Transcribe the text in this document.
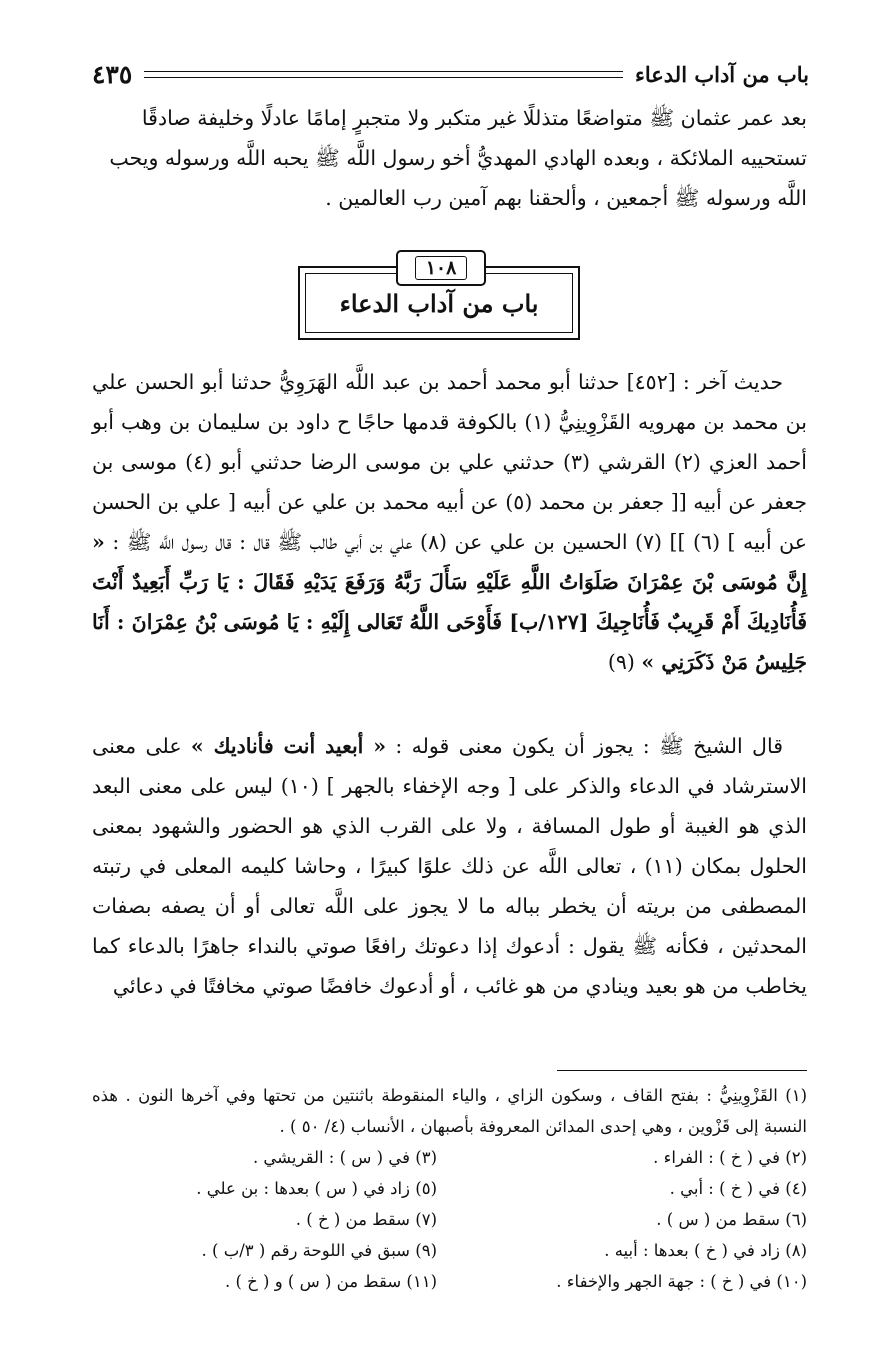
باب من آداب الدعاء
٤٣٥

بعد عمر عثمان ﷺ متواضعًا متذللًا غير متكبر ولا متجبرٍ إمامًا عادلًا وخليفة صادقًا

تستحييه الملائكة ، وبعده الهادي المهديُّ أخو رسول اللَّه ﷺ يحبه اللَّه ورسوله ويحب

اللَّه ورسوله ﷺ أجمعين ، وألحقنا بهم آمين رب العالمين .

باب من آداب الدعاء
١٠٨

حديث آخر : [٤٥٢] حدثنا أبو محمد أحمد بن عبد اللَّه الهَرَوِيُّ حدثنا أبو الحسن علي بن محمد بن مهرويه القَزْوِينِيُّ (١) بالكوفة قدمها حاجًا ح داود بن سليمان بن وهب أبو أحمد العزي (٢) القرشي (٣) حدثني علي بن موسى الرضا حدثني أبو (٤) موسى بن جعفر عن أبيه [[ جعفر بن محمد (٥) عن أبيه محمد بن علي عن أبيه [ علي بن الحسن عن أبيه ] (٦) ]] (٧) الحسين بن علي عن (٨) علي بن أبي طالب ﷺ قال : قال رسول اللَّه ﷺ : « إِنَّ مُوسَى بْنَ عِمْرَانَ صَلَوَاتُ اللَّهِ عَلَيْهِ سَأَلَ رَبَّهُ وَرَفَعَ يَدَيْهِ فَقَالَ : يَا رَبِّ أَبَعِيدٌ أَنْتَ فَأُنَادِيكَ أَمْ قَرِيبٌ فَأُنَاجِيكَ [١٢٧/ب] فَأَوْحَى اللَّهُ تَعَالى إِلَيْهِ : يَا مُوسَى بْنُ عِمْرَانَ : أَنَا جَلِيسُ مَنْ ذَكَرَنِي » (٩)

قال الشيخ ﷺ : يجوز أن يكون معنى قوله : « أبعيد أنت فأناديك » على معنى الاسترشاد في الدعاء والذكر على [ وجه الإخفاء بالجهر ] (١٠) ليس على معنى البعد الذي هو الغيبة أو طول المسافة ، ولا على القرب الذي هو الحضور والشهود بمعنى الحلول بمكان (١١) ، تعالى اللَّه عن ذلك علوًا كبيرًا ، وحاشا كليمه المعلى في رتبته المصطفى من بريته أن يخطر بباله ما لا يجوز على اللَّه تعالى أو أن يصفه بصفات المحدثين ، فكأنه ﷺ يقول : أدعوك إذا دعوتك رافعًا صوتي بالنداء جاهرًا بالدعاء كما يخاطب من هو بعيد وينادي من هو غائب ، أو أدعوك خافضًا صوتي مخافتًا في دعائي

(١) القَزْوِينِيُّ : بفتح القاف ، وسكون الزاي ، والياء المنقوطة باثنتين من تحتها وفي آخرها النون . هذه النسبة إلى قَزْوين ، وهي إحدى المدائن المعروفة بأصبهان ، الأنساب (٤/ ٥٠ ) .
(٢) في ( خ ) : الفراء .
(٣) في ( س ) : القريشي .
(٤) في ( خ ) : أبي .
(٥) زاد في ( س ) بعدها : بن علي .
(٦) سقط من ( س ) .
(٧) سقط من ( خ ) .
(٨) زاد في ( خ ) بعدها : أبيه .
(٩) سبق في اللوحة رقم ( ٣/ب ) .
(١٠) في ( خ ) : جهة الجهر والإخفاء .
(١١) سقط من ( س ) و ( خ ) .
